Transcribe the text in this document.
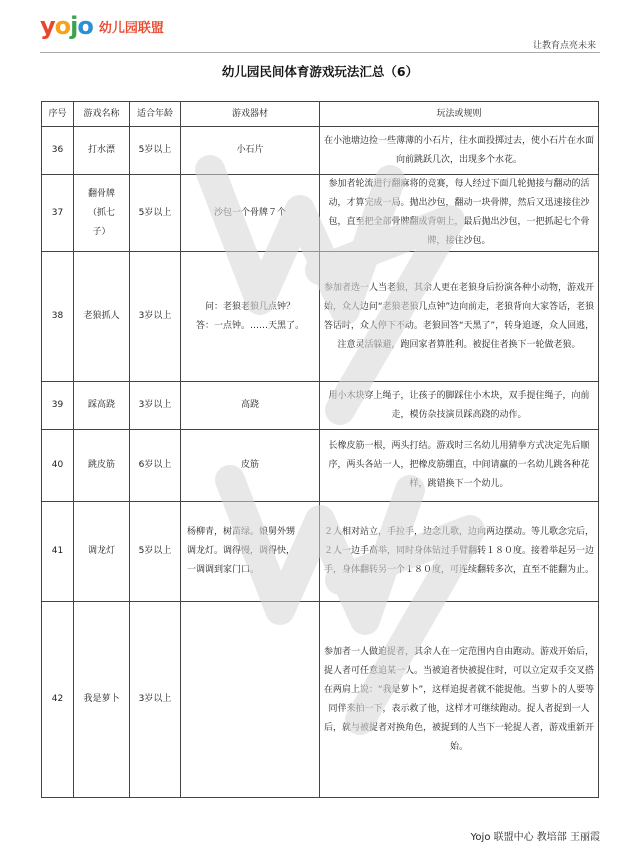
yojo 幼儿园联盟
让教育点亮未来
幼儿园民间体育游戏玩法汇总（6）
序号	游戏名称	适合年龄	游戏器材	玩法或规则
36	打水漂	5岁以上	小石片	在小池塘边捡一些薄薄的小石片，往水面投掷过去，使小石片在水面向前跳跃几次，出现多个水花。
37	翻骨牌
（抓七
子）	5岁以上	沙包一个骨牌７个	参加者轮流进行翻麻将的竞赛，每人经过下面几轮抛接与翻动的活动，才算完成一局。抛出沙包，翻动一块骨牌，然后又迅速接住沙包，直至把全部骨牌翻成背朝上，最后抛出沙包，一把抓起七个骨牌，接住沙包。
38	老狼抓人	3岁以上	问：老狼老狼几点钟？
答：一点钟。……天黑了。	参加者选一人当老狼，其余人更在老狼身后扮演各种小动物，游戏开始，众人边问“老狼老狼几点钟”边向前走，老狼背向大家答话，老狼答话时，众人停下不动。老狼回答“天黑了”，转身追逐，众人回逃，注意灵活躲避，跑回家者算胜利。被捉住者换下一轮做老狼。
39	踩高跷	3岁以上	高跷	用小木块穿上绳子，让孩子的脚踩住小木块，双手提住绳子，向前走，模仿杂技演员踩高跷的动作。
40	跳皮筋	6岁以上	皮筋	长橡皮筋一根，两头打结。游戏时三名幼儿用猜拳方式决定先后顺序，两头各站一人，把橡皮筋绷直，中间请赢的一名幼儿跳各种花样，跳错换下一个幼儿。
41	调龙灯	5岁以上	杨柳青，树苗绿。娘舅外甥
调龙灯。调得慢，调得快，
一调调到家门口。	２人相对站立，手拉手，边念儿歌，边向两边摆动。等儿歌念完后，２人一边手高举，同时身体钻过手臂翻转１８０度。接着举起另一边手，身体翻转另一个１８０度，可连续翻转多次，直至不能翻为止。
42	我是萝卜	3岁以上		参加者一人做追捉者，其余人在一定范围内自由跑动。游戏开始后，捉人者可任意追某一人。当被追者快被捉住时，可以立定双手交叉搭在两肩上说：“我是萝卜”，这样追捉者就不能捉他。当萝卜的人要等同伴来拍一下，表示救了他，这样才可继续跑动。捉人者捉到一人后，就与被捉者对换角色，被捉到的人当下一轮捉人者，游戏重新开始。
Yojo 联盟中心 教培部 王丽霞
